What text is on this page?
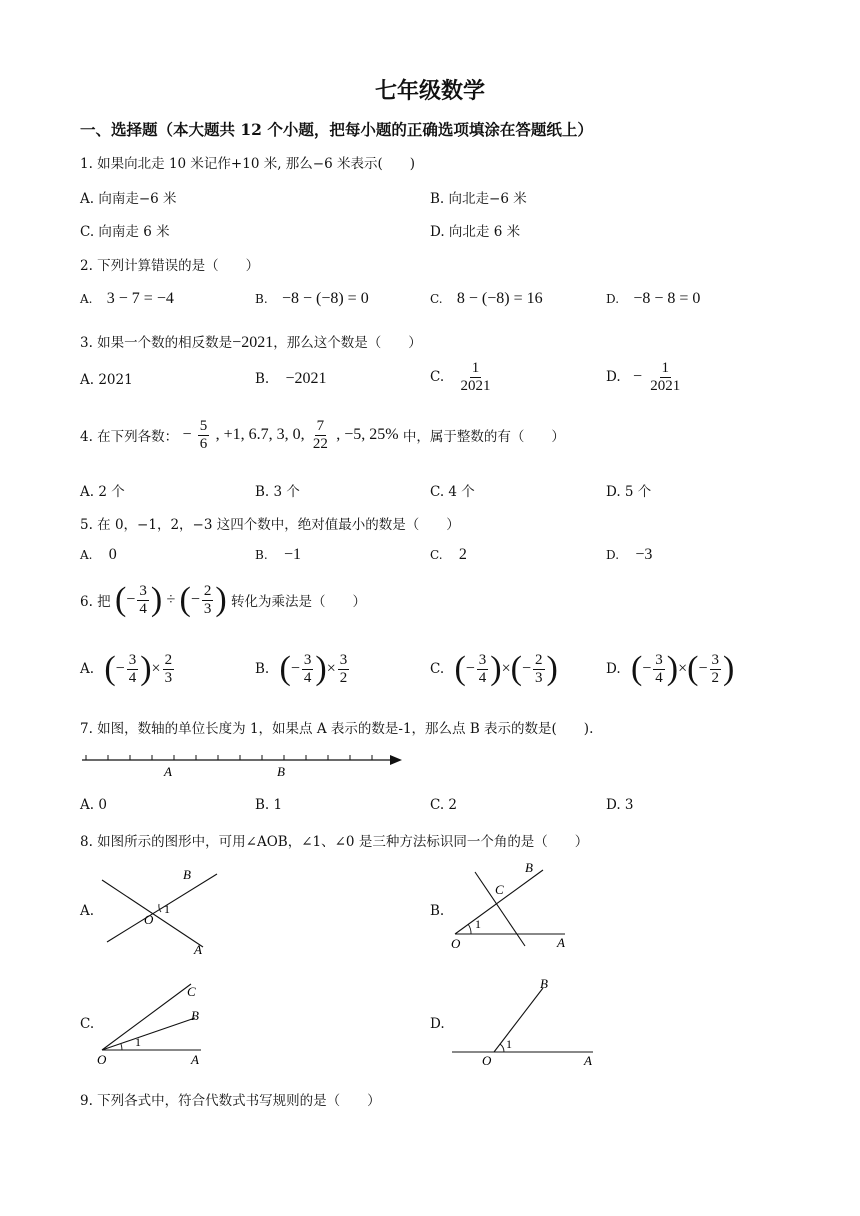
七年级数学
一、选择题（本大题共 12 个小题，把每小题的正确选项填涂在答题纸上）
1. 如果向北走 10 米记作+10 米, 那么−6 米表示(　　)
A. 向南走−6 米	B. 向北走−6 米
C. 向南走 6 米	D. 向北走 6 米
2. 下列计算错误的是（　　）
A. 3 − 7 = −4	B. −8 − (−8) = 0	C. 8 − (−8) = 16	D. −8 − 8 = 0
3. 如果一个数的相反数是−2021，那么这个数是（　　）
A. 2021	B. −2021	C. $\frac{1}{2021}$	D. − $\frac{1}{2021}$
4. 在下列各数： − $\frac{5}{6}$ , +1, 6.7, 3, 0, $\frac{7}{22}$ , −5, 25% 中，属于整数的有（　　）
A. 2 个	B. 3 个	C. 4 个	D. 5 个
5. 在 0，−1，2，−3 这四个数中，绝对值最小的数是（　　）
A. 0	B. −1	C. 2	D. −3
6. 把 (− $\frac{3}{4}$ ) ÷ (− $\frac{2}{3}$ ) 转化为乘法是（　　）
A. (− $\frac{3}{4}$ )× $\frac{2}{3}$	B. (− $\frac{3}{4}$ )× $\frac{3}{2}$	C. (− $\frac{3}{4}$ )×(− $\frac{2}{3}$ )	D. (− $\frac{3}{4}$ )×(− $\frac{3}{2}$ )
7. 如图，数轴的单位长度为 1，如果点 A 表示的数是-1，那么点 B 表示的数是(　　).
A	B
A. 0	B. 1	C. 2	D. 3
8. 如图所示的图形中，可用∠AOB，∠1、∠0 是三种方法标识同一个角的是（　　）
A.
B
O
1
A
B.
B
C
1
O	A
C.
C
B
1
O	A
D.
B
1
O	A
9. 下列各式中，符合代数式书写规则的是（　　）
